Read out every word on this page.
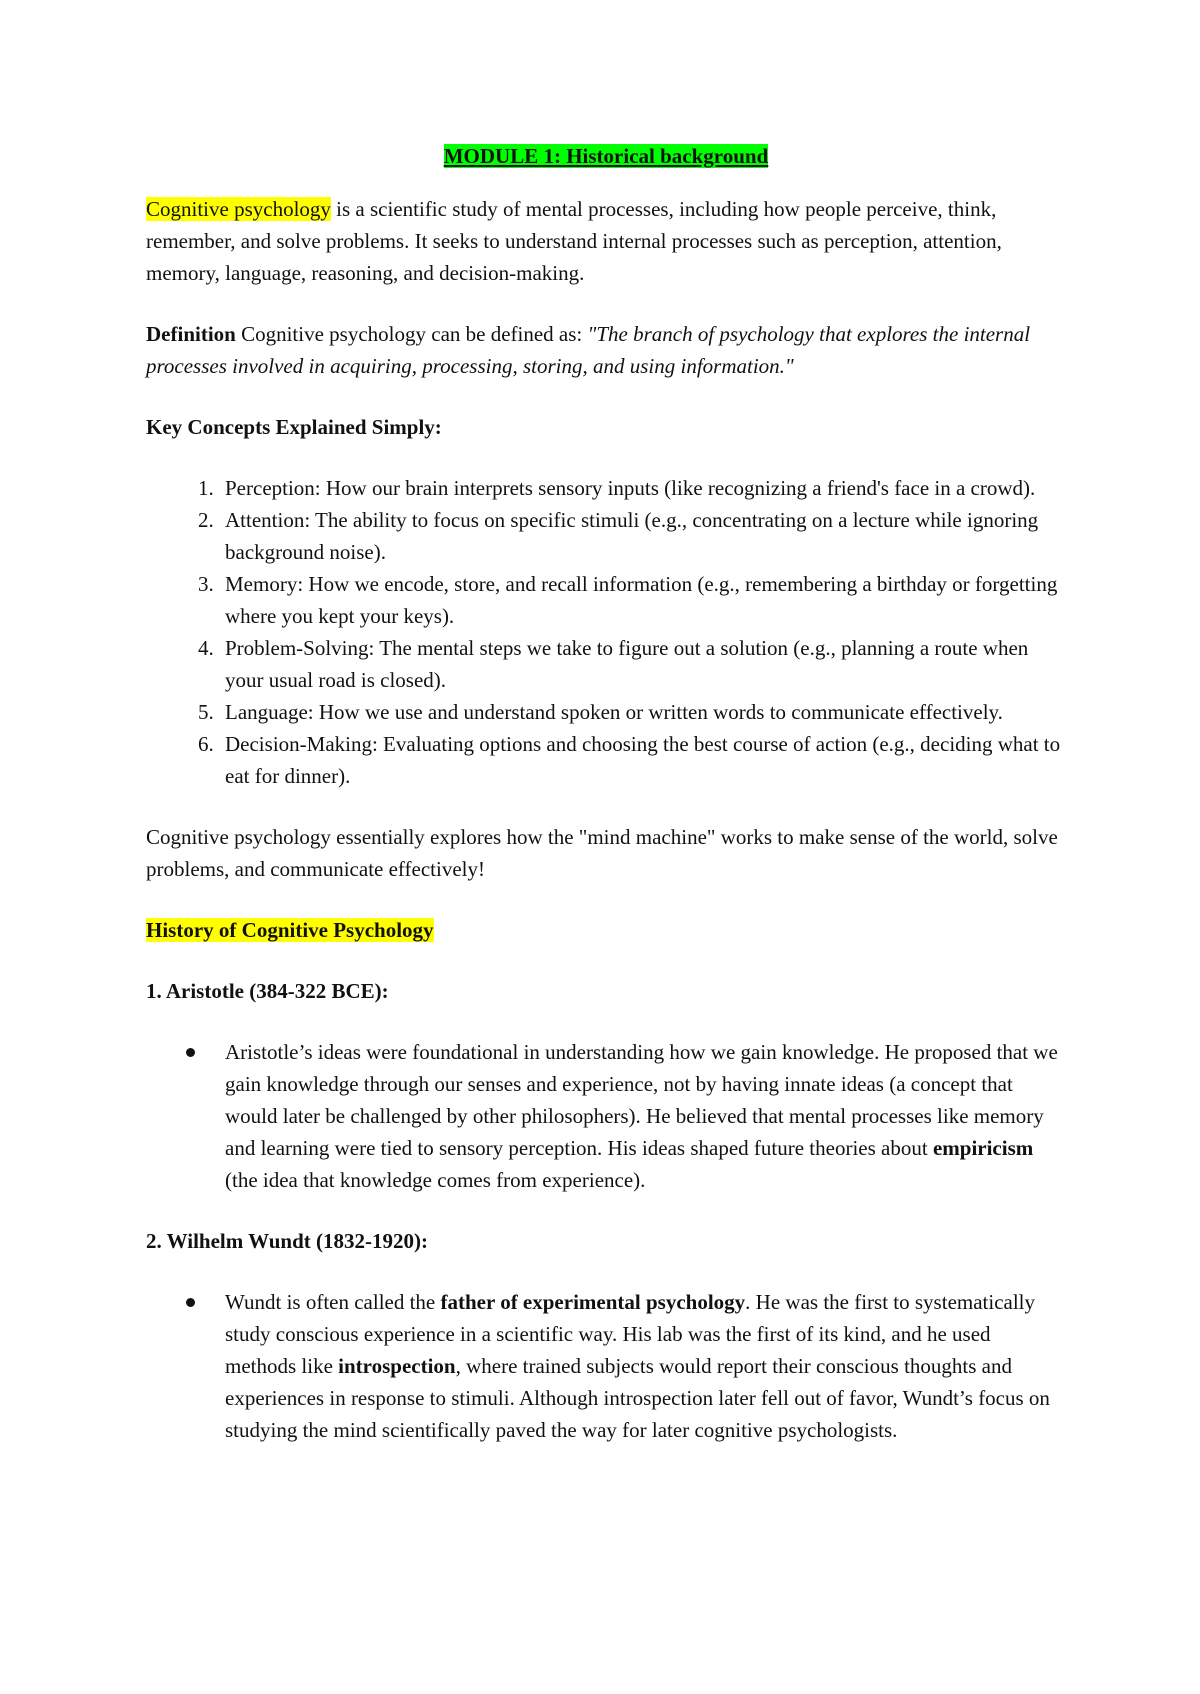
MODULE 1: Historical background

Cognitive psychology is a scientific study of mental processes, including how people perceive, think, remember, and solve problems. It seeks to understand internal processes such as perception, attention, memory, language, reasoning, and decision-making.

Definition Cognitive psychology can be defined as: "The branch of psychology that explores the internal processes involved in acquiring, processing, storing, and using information."

Key Concepts Explained Simply:
1. Perception: How our brain interprets sensory inputs (like recognizing a friend's face in a crowd).
2. Attention: The ability to focus on specific stimuli (e.g., concentrating on a lecture while ignoring background noise).
3. Memory: How we encode, store, and recall information (e.g., remembering a birthday or forgetting where you kept your keys).
4. Problem-Solving: The mental steps we take to figure out a solution (e.g., planning a route when your usual road is closed).
5. Language: How we use and understand spoken or written words to communicate effectively.
6. Decision-Making: Evaluating options and choosing the best course of action (e.g., deciding what to eat for dinner).

Cognitive psychology essentially explores how the "mind machine" works to make sense of the world, solve problems, and communicate effectively!

History of Cognitive Psychology
1. Aristotle (384-322 BCE):
Aristotle’s ideas were foundational in understanding how we gain knowledge. He proposed that we gain knowledge through our senses and experience, not by having innate ideas (a concept that would later be challenged by other philosophers). He believed that mental processes like memory and learning were tied to sensory perception. His ideas shaped future theories about empiricism (the idea that knowledge comes from experience).
2. Wilhelm Wundt (1832-1920):
Wundt is often called the father of experimental psychology. He was the first to systematically study conscious experience in a scientific way. His lab was the first of its kind, and he used methods like introspection, where trained subjects would report their conscious thoughts and experiences in response to stimuli. Although introspection later fell out of favor, Wundt’s focus on studying the mind scientifically paved the way for later cognitive psychologists.
